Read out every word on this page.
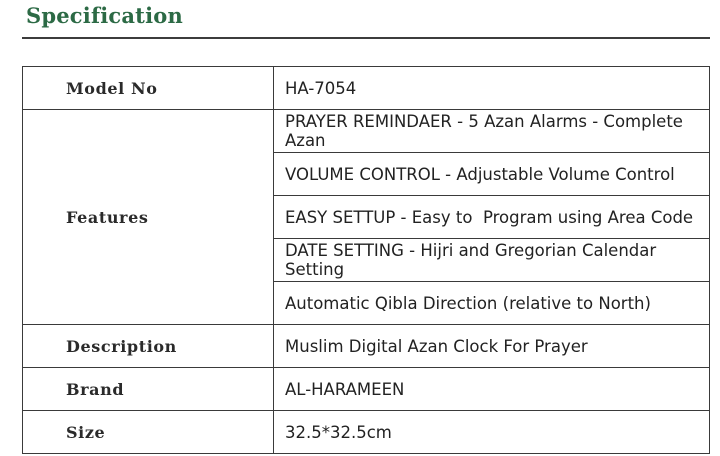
Specification
Model No	HA-7054
Features	PRAYER REMINDAER - 5 Azan Alarms - Complete Azan
	VOLUME CONTROL - Adjustable Volume Control
	EASY SETTUP - Easy to  Program using Area Code
	DATE SETTING - Hijri and Gregorian Calendar Setting
	Automatic Qibla Direction (relative to North)
Description	Muslim Digital Azan Clock For Prayer
Brand	AL-HARAMEEN
Size	32.5*32.5cm
